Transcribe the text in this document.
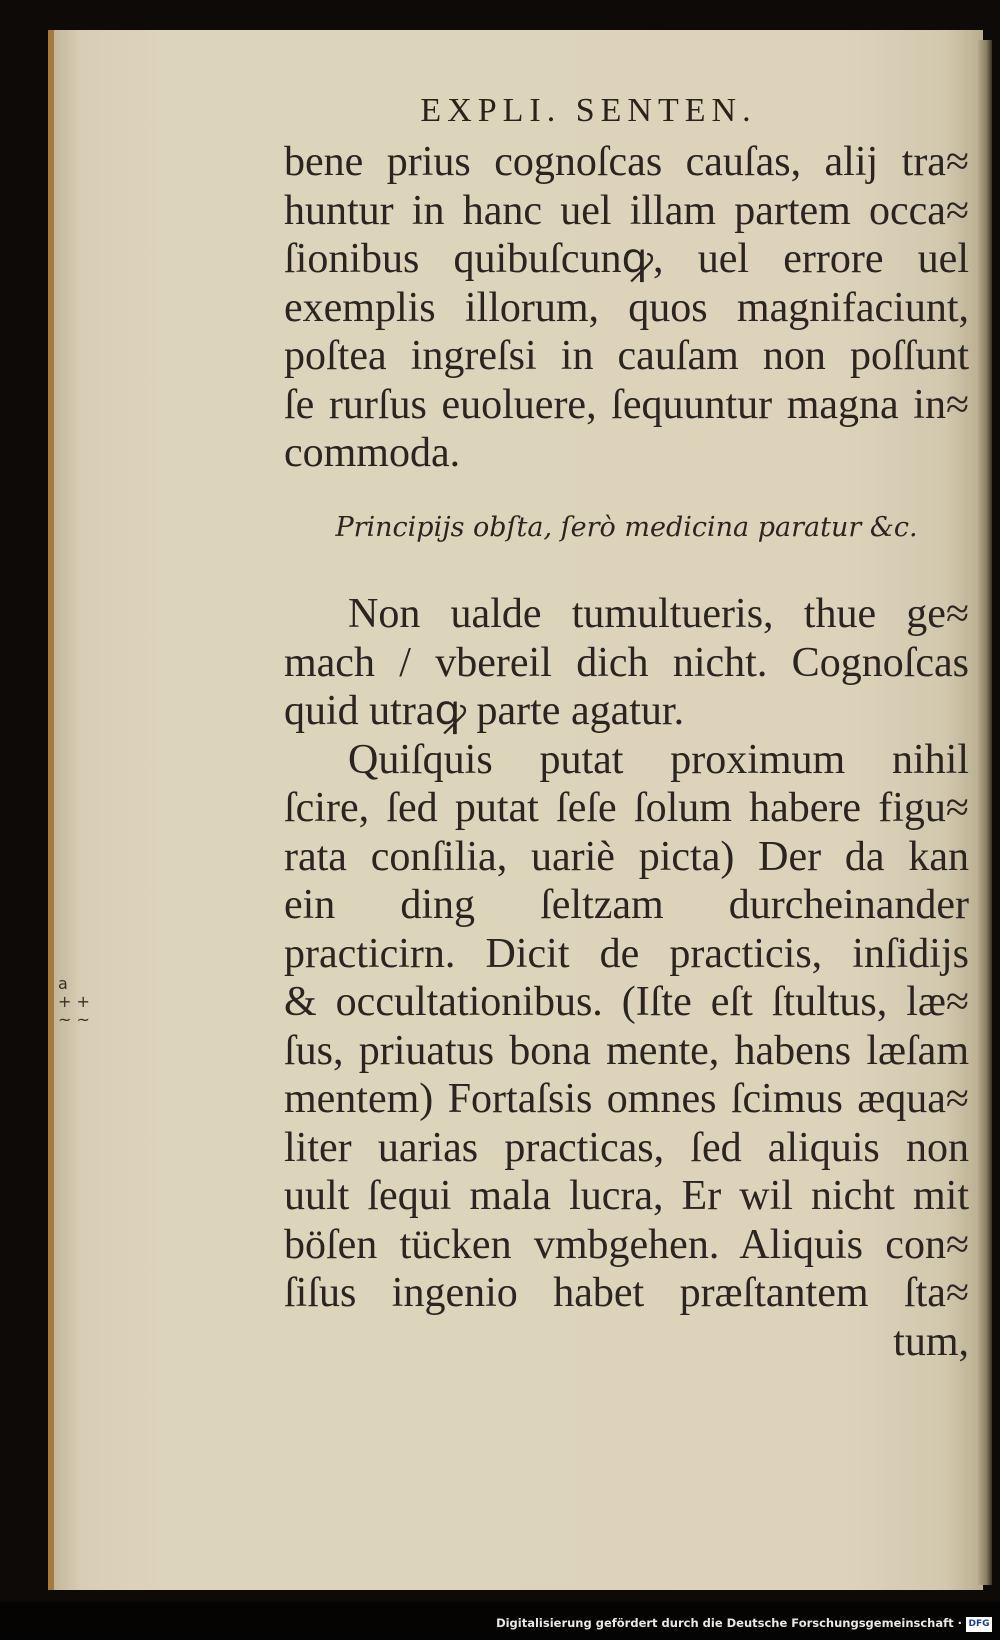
EXPLI. SENTEN.
bene prius cognoſcas cauſas, alij tra≈
huntur in hanc uel illam partem occa≈
ſionibus quibuſcunꝙ, uel errore uel
exemplis illorum, quos magnifaciunt,
poſtea ingreſsi in cauſam non poſſunt
ſe rurſus euoluere, ſequuntur magna in≈
commoda.
Principijs obſta, ſerò medicina paratur &c.
Non ualde tumultueris, thue ge≈
mach / vbereil dich nicht. Cognoſcas
quid utraꝙ parte agatur.
Quiſquis putat proximum nihil
ſcire, ſed putat ſeſe ſolum habere figu≈
rata conſilia, uariè picta) Der da kan
ein ding ſeltzam durcheinander
practicirn. Dicit de practicis, inſidijs
& occultationibus. (Iſte eſt ſtultus, læ≈
ſus, priuatus bona mente, habens læſam
mentem) Fortaſsis omnes ſcimus æqua≈
liter uarias practicas, ſed aliquis non
uult ſequi mala lucra, Er wil nicht mit
böſen tücken vmbgehen. Aliquis con≈
ſiſus ingenio habet præſtantem ſta≈
tum,
a
+ +
~ ~
Digitalisierung gefördert durch die Deutsche Forschungsgemeinschaft · DFG
